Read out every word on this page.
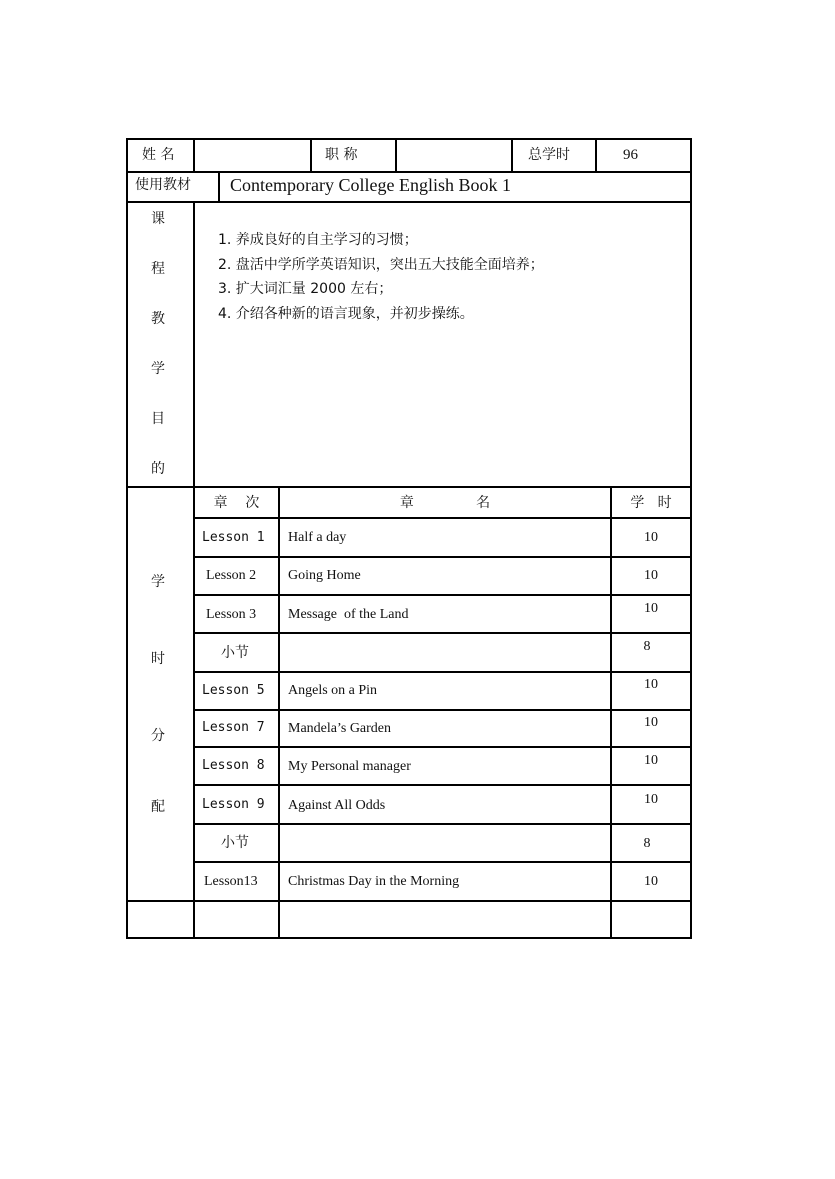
姓 名	职 称	总学时	96
使用教材 Contemporary College English Book 1
课
程
教
学
目
的
1. 养成良好的自主学习的习惯；
2. 盘活中学所学英语知识，突出五大技能全面培养；
3. 扩大词汇量 2000 左右；
4. 介绍各种新的语言现象，并初步操练。
学
时
分
配
章    次	章              名	学   时
Lesson 1 Half a day	10
Lesson 2 Going Home	10
Lesson 3 Message  of the Land	10
小节	8
Lesson 5 Angels on a Pin	10
Lesson 7 Mandela’s Garden	10
Lesson 8 My Personal manager	10
Lesson 9 Against All Odds	10
小节	8
Lesson13 Christmas Day in the Morning	10
